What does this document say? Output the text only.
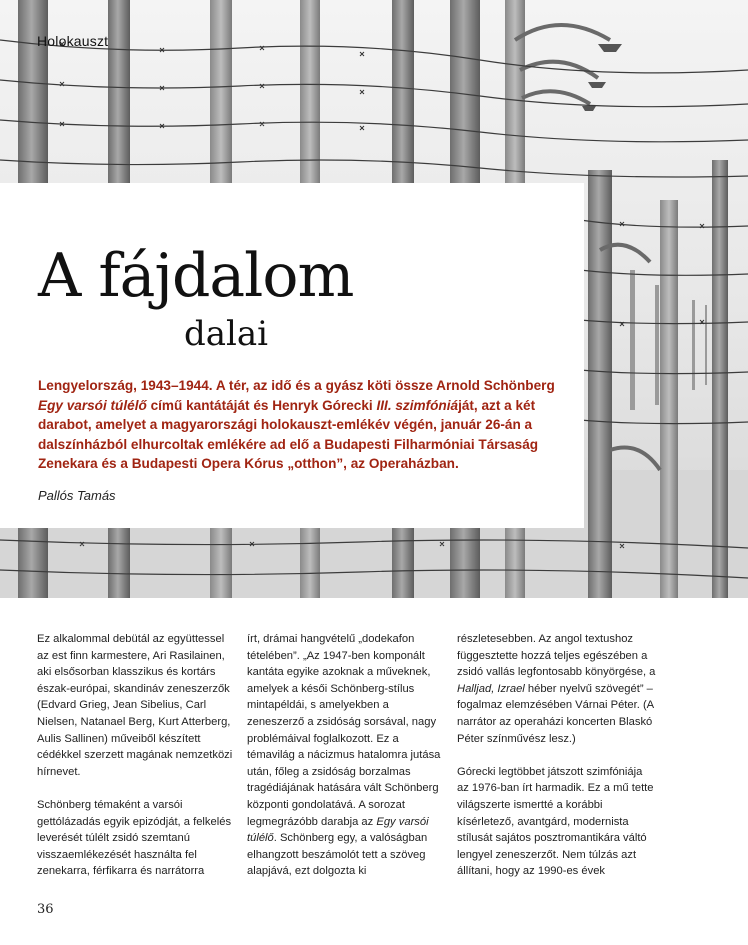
Holokauszt
A fájdalom
dalai
Lengyelország, 1943–1944. A tér, az idő és a gyász köti össze Arnold Schönberg Egy varsói túlélő című kantátáját és Henryk Górecki III. szimfóniáját, azt a két darabot, amelyet a magyarországi holokauszt-emlékév végén, január 26-án a dalszínházból elhurcoltak emlékére ad elő a Budapesti Filharmóniai Társaság Zenekara és a Budapesti Opera Kórus „otthon”, az Operaházban.
Pallós Tamás

Ez alkalommal debütál az együttessel az est finn karmestere, Ari Rasilainen, aki elsősorban klasszikus és kortárs észak-európai, skandináv zeneszerzők (Edvard Grieg, Jean Sibelius, Carl Nielsen, Natanael Berg, Kurt Atterberg, Aulis Sallinen) műveiből készített cédékkel szerzett magának nemzetközi hírnevet.

Schönberg témaként a varsói gettólázadás egyik epizódját, a felkelés leverését túlélt zsidó szemtanú visszaemlékezését használta fel zenekarra, férfikarra és narrátorra

írt, drámai hangvételű „dodekafon tételében”. „Az 1947-ben komponált kantáta egyike azoknak a műveknek, amelyek a késői Schönberg-stílus mintapéldái, s amelyekben a zeneszerző a zsidóság sorsával, nagy problémáival foglalkozott. Ez a témavilág a nácizmus hatalomra jutása után, főleg a zsidóság borzalmas tragédiájának hatására vált Schönberg központi gondolatává. A sorozat legmegrázóbb darabja az Egy varsói túlélő. Schönberg egy, a valóságban elhangzott beszámolót tett a szöveg alapjává, ezt dolgozta ki

részletesebben. Az angol textushoz függesztette hozzá teljes egészében a zsidó vallás legfontosabb könyörgése, a Halljad, Izrael héber nyelvű szövegét” – fogalmaz elemzésében Várnai Péter. (A narrátor az operaházi koncerten Blaskó Péter színművész lesz.)

Górecki legtöbbet játszott szimfóniája az 1976-ban írt harmadik. Ez a mű tette világszerte ismertté a korábbi kísérletező, avantgárd, modernista stílusát sajátos posztromantikára váltó lengyel zeneszerzőt. Nem túlzás azt állítani, hogy az 1990-es évek

36
